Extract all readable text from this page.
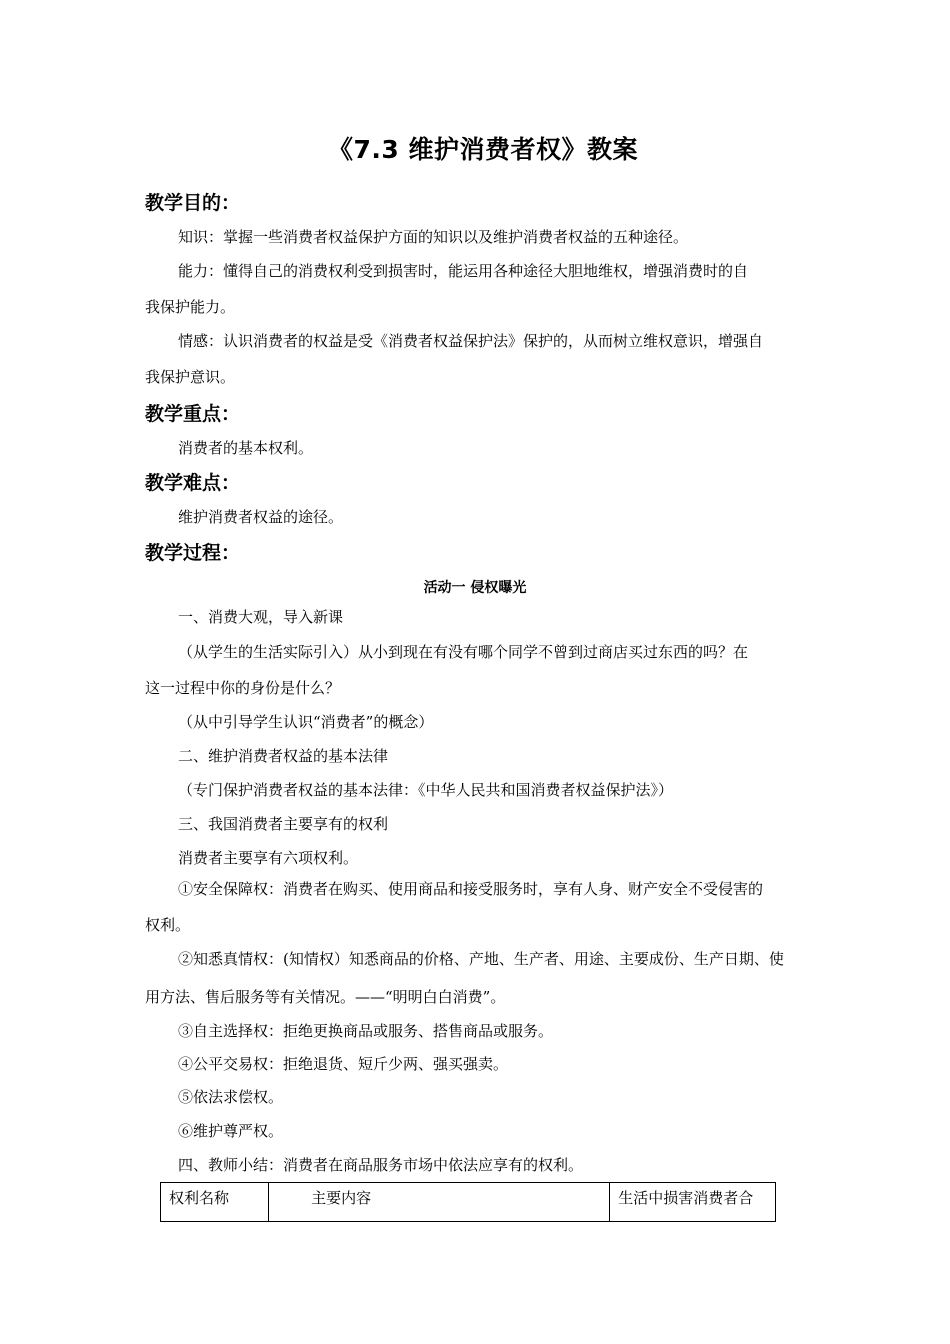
《7.3 维护消费者权》教案
教学目的：
知识：掌握一些消费者权益保护方面的知识以及维护消费者权益的五种途径。
能力：懂得自己的消费权利受到损害时，能运用各种途径大胆地维权，增强消费时的自
我保护能力。
情感：认识消费者的权益是受《消费者权益保护法》保护的，从而树立维权意识，增强自
我保护意识。
教学重点：
消费者的基本权利。
教学难点：
维护消费者权益的途径。
教学过程：
活动一 侵权曝光
一、消费大观，导入新课
（从学生的生活实际引入）从小到现在有没有哪个同学不曾到过商店买过东西的吗？在
这一过程中你的身份是什么？
（从中引导学生认识“消费者”的概念）
二、维护消费者权益的基本法律
（专门保护消费者权益的基本法律：《中华人民共和国消费者权益保护法》）
三、我国消费者主要享有的权利
消费者主要享有六项权利。
①安全保障权：消费者在购买、使用商品和接受服务时，享有人身、财产安全不受侵害的
权利。
②知悉真情权：(知情权）知悉商品的价格、产地、生产者、用途、主要成份、生产日期、使
用方法、售后服务等有关情况。——“明明白白消费”。
③自主选择权：拒绝更换商品或服务、搭售商品或服务。
④公平交易权：拒绝退货、短斤少两、强买强卖。
⑤依法求偿权。
⑥维护尊严权。
四、教师小结：消费者在商品服务市场中依法应享有的权利。
权利名称	主要内容	生活中损害消费者合
